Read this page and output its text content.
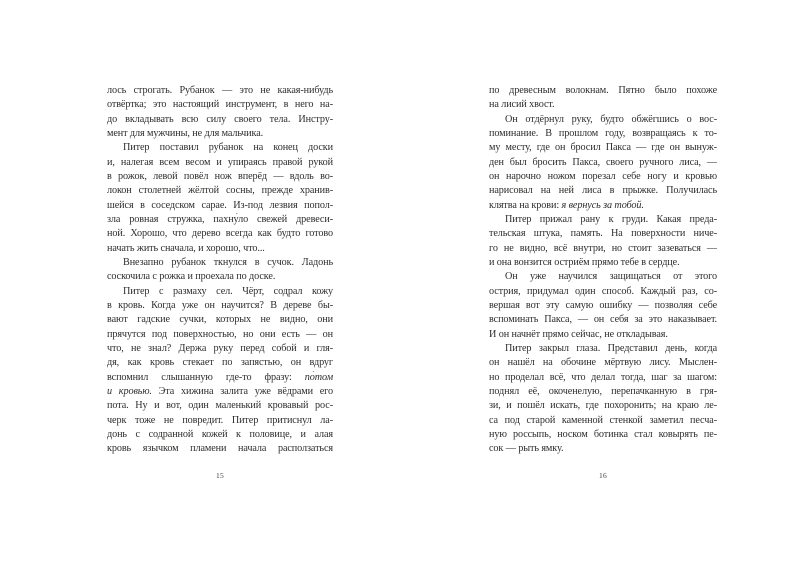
лось строгать. Рубанок — это не какая-нибудь
отвёртка; это настоящий инструмент, в него на-
до вкладывать всю силу своего тела. Инстру-
мент для мужчины, не для мальчика.
Питер поставил рубанок на конец доски
и, налегая всем весом и упираясь правой рукой
в рожок, левой повёл нож вперёд — вдоль во-
локон столетней жёлтой сосны, прежде хранив-
шейся в соседском сарае. Из-под лезвия попол-
зла ровная стружка, пахну́ло свежей древеси-
ной. Хорошо, что дерево всегда как будто готово
начать жить сначала, и хорошо, что...
Внезапно рубанок ткнулся в сучок. Ладонь
соскочила с рожка и проехала по доске.
Питер с размаху сел. Чёрт, содрал кожу
в кровь. Когда уже он научится? В дереве бы-
вают гадские сучки, которых не видно, они
прячутся под поверхностью, но они есть — он
что, не знал? Держа руку перед собой и гля-
дя, как кровь стекает по запястью, он вдруг
вспомнил слышанную где-то фразу: по́том
и кровью. Эта хижина залита уже вёдрами его
пота. Ну и вот, один маленький кровавый рос-
черк тоже не повредит. Питер притиснул ла-
донь с содранной кожей к половице, и алая
кровь язычком пламени начала расползаться
по древесным волокнам. Пятно было похоже
на лисий хвост.
Он отдёрнул руку, будто обжёгшись о вос-
поминание. В прошлом году, возвращаясь к то-
му месту, где он бросил Пакса — где он вынуж-
ден был бросить Пакса, своего ручного лиса, —
он нарочно ножом порезал себе ногу и кровью
нарисовал на ней лиса в прыжке. Получилась
клятва на крови: я вернусь за тобой.
Питер прижал рану к груди. Какая преда-
тельская штука, память. На поверхности ниче-
го не видно, всё внутри, но стоит зазеваться —
и она вонзится остриём прямо тебе в сердце.
Он уже научился защищаться от этого
острия, придумал один способ. Каждый раз, со-
вершая вот эту самую ошибку — позволяя себе
вспоминать Пакса, — он себя за это наказывает.
И он начнёт прямо сейчас, не откладывая.
Питер закрыл глаза. Представил день, когда
он нашёл на обочине мёртвую лису. Мыслен-
но проделал всё, что делал тогда, шаг за шагом:
поднял её, окоченелую, перепачканную в гря-
зи, и пошёл искать, где похоронить; на краю ле-
са под старой каменной стенкой заметил песча-
ную россыпь, носком ботинка стал ковырять пе-
сок — рыть ямку.
15	16
